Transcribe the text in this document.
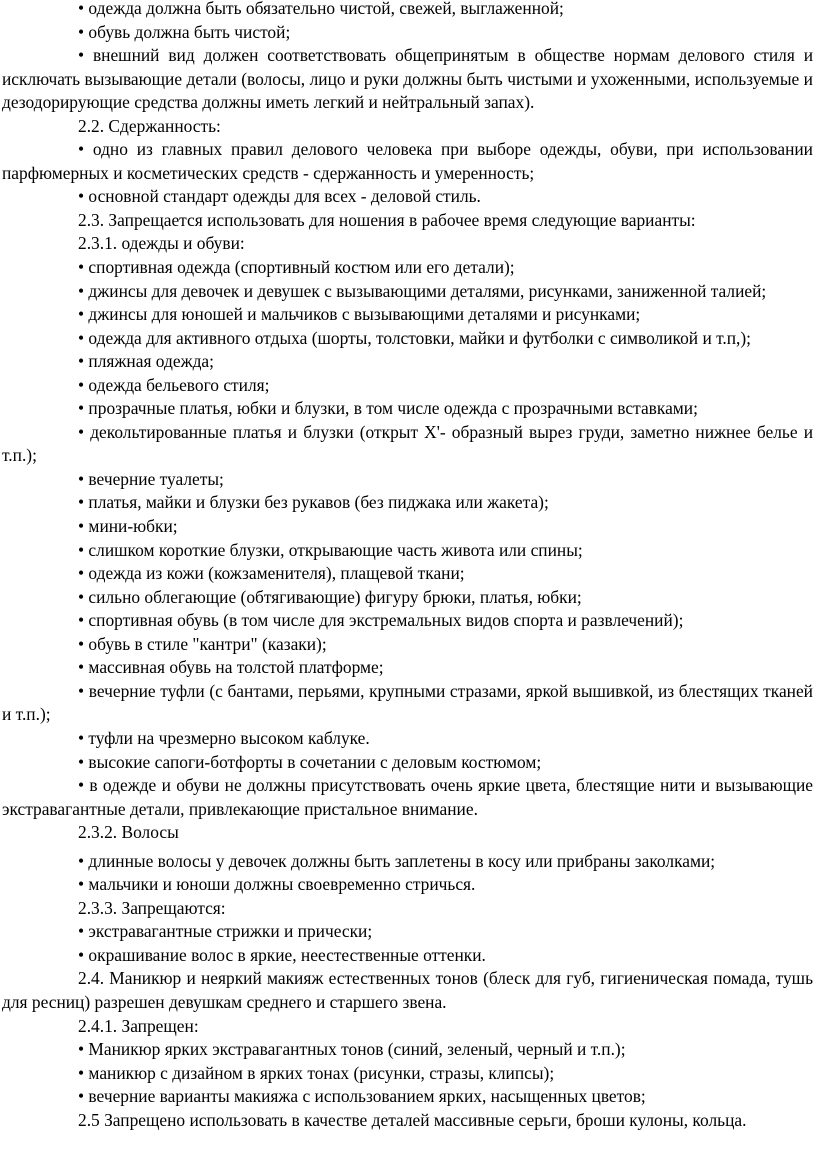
• одежда должна быть обязательно чистой, свежей, выглаженной;

• обувь должна быть чистой;

• внешний вид должен соответствовать общепринятым в обществе нормам делового стиля и исключать вызывающие детали (волосы, лицо и руки должны быть чистыми и ухоженными, используемые и дезодорирующие средства должны иметь легкий и нейтральный запах).

2.2. Сдержанность:

• одно из главных правил делового человека при выборе одежды, обуви, при использовании парфюмерных и косметических средств - сдержанность и умеренность;

• основной стандарт одежды для всех - деловой стиль.

2.3. Запрещается использовать для ношения в рабочее время следующие варианты:

2.3.1. одежды и обуви:

• спортивная одежда (спортивный костюм или его детали);

• джинсы для девочек и девушек с вызывающими деталями, рисунками, заниженной талией;

• джинсы для юношей и мальчиков с вызывающими деталями и рисунками;

• одежда для активного отдыха (шорты, толстовки, майки и футболки с символикой и т.п,);

• пляжная одежда;

• одежда бельевого стиля;

• прозрачные платья, юбки и блузки, в том числе одежда с прозрачными вставками;

• декольтированные платья и блузки (открыт X'- образный вырез груди, заметно нижнее белье и т.п.);

• вечерние туалеты;

• платья, майки и блузки без рукавов (без пиджака или жакета);

• мини-юбки;

• слишком короткие блузки, открывающие часть живота или спины;

• одежда из кожи (кожзаменителя), плащевой ткани;

• сильно облегающие (обтягивающие) фигуру брюки, платья, юбки;

• спортивная обувь (в том числе для экстремальных видов спорта и развлечений);

• обувь в стиле "кантри" (казаки);

• массивная обувь на толстой платформе;

• вечерние туфли (с бантами, перьями, крупными стразами, яркой вышивкой, из блестящих тканей и т.п.);

• туфли на чрезмерно высоком каблуке.

• высокие сапоги-ботфорты в сочетании с деловым костюмом;

• в одежде и обуви не должны присутствовать очень яркие цвета, блестящие нити и вызывающие экстравагантные детали, привлекающие пристальное внимание.

2.3.2. Волосы

• длинные волосы у девочек должны быть заплетены в косу или прибраны заколками;

• мальчики и юноши должны своевременно стричься.

2.3.3. Запрещаются:

• экстравагантные стрижки и прически;

• окрашивание волос в яркие, неестественные оттенки.

2.4. Маникюр и неяркий макияж естественных тонов (блеск для губ, гигиеническая помада, тушь для ресниц) разрешен девушкам среднего и старшего звена.

2.4.1. Запрещен:

• Маникюр ярких экстравагантных тонов (синий, зеленый, черный и т.п.);

• маникюр с дизайном в ярких тонах (рисунки, стразы, клипсы);

• вечерние варианты макияжа с использованием ярких, насыщенных цветов;

2.5 Запрещено использовать в качестве деталей массивные серьги, броши кулоны, кольца.
